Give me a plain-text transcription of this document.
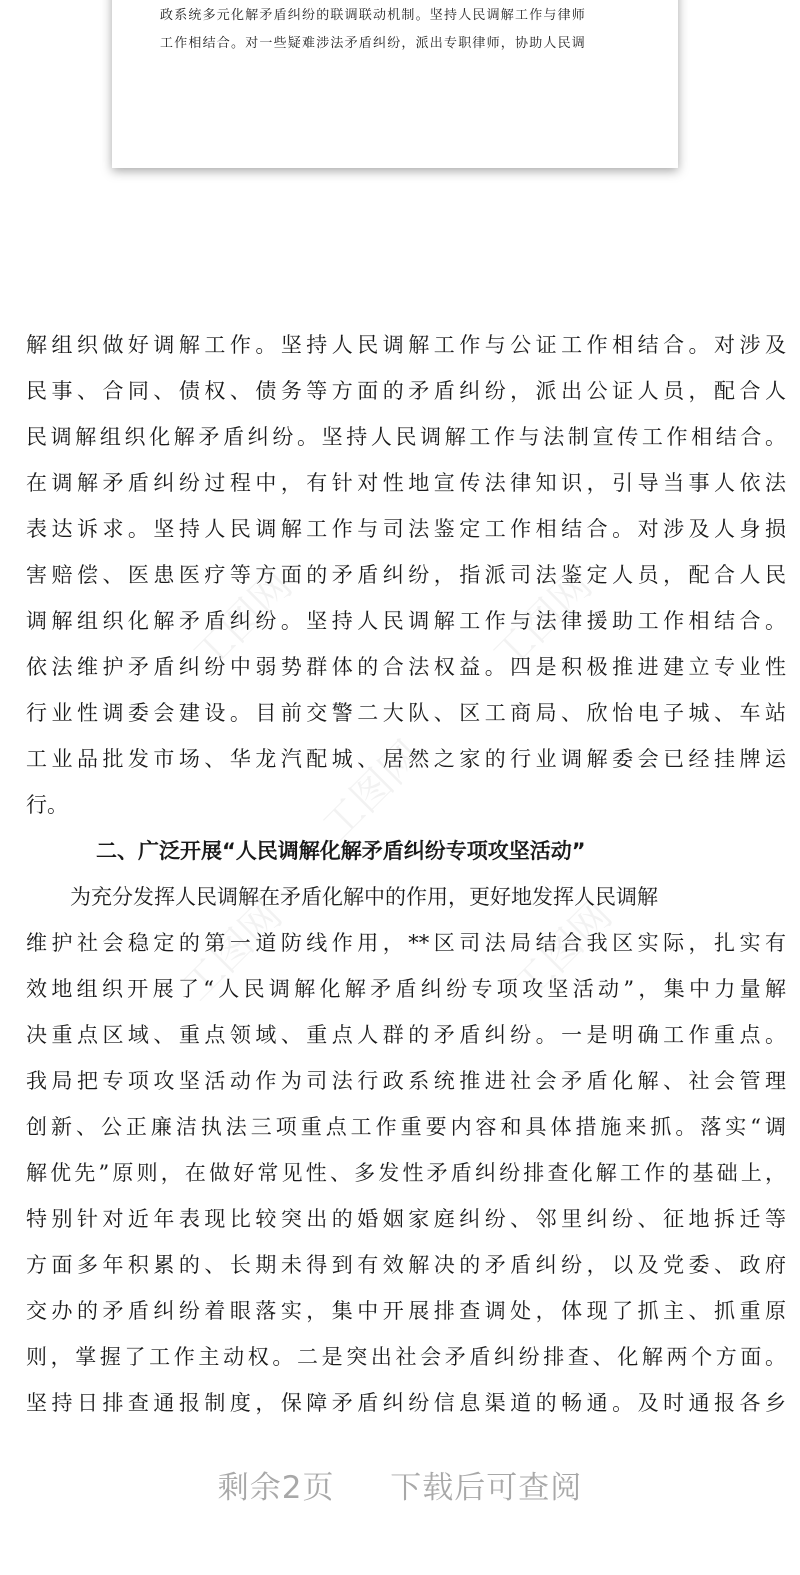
工图网	工图网
工图网
工图网	工图网
政系统多元化解矛盾纠纷的联调联动机制。坚持人民调解工作与律师
工作相结合。对一些疑难涉法矛盾纠纷，派出专职律师，协助人民调
解组织做好调解工作。坚持人民调解工作与公证工作相结合。对涉及
民事、合同、债权、债务等方面的矛盾纠纷，派出公证人员，配合人
民调解组织化解矛盾纠纷。坚持人民调解工作与法制宣传工作相结合。
在调解矛盾纠纷过程中，有针对性地宣传法律知识，引导当事人依法
表达诉求。坚持人民调解工作与司法鉴定工作相结合。对涉及人身损
害赔偿、医患医疗等方面的矛盾纠纷，指派司法鉴定人员，配合人民
调解组织化解矛盾纠纷。坚持人民调解工作与法律援助工作相结合。
依法维护矛盾纠纷中弱势群体的合法权益。四是积极推进建立专业性
行业性调委会建设。目前交警二大队、区工商局、欣怡电子城、车站
工业品批发市场、华龙汽配城、居然之家的行业调解委会已经挂牌运
行。
二、广泛开展“人民调解化解矛盾纠纷专项攻坚活动”
为充分发挥人民调解在矛盾化解中的作用，更好地发挥人民调解
维护社会稳定的第一道防线作用，**区司法局结合我区实际，扎实有
效地组织开展了“人民调解化解矛盾纠纷专项攻坚活动”，集中力量解
决重点区域、重点领域、重点人群的矛盾纠纷。一是明确工作重点。
我局把专项攻坚活动作为司法行政系统推进社会矛盾化解、社会管理
创新、公正廉洁执法三项重点工作重要内容和具体措施来抓。落实“调
解优先”原则，在做好常见性、多发性矛盾纠纷排查化解工作的基础上，
特别针对近年表现比较突出的婚姻家庭纠纷、邻里纠纷、征地拆迁等
方面多年积累的、长期未得到有效解决的矛盾纠纷，以及党委、政府
交办的矛盾纠纷着眼落实，集中开展排查调处，体现了抓主、抓重原
则，掌握了工作主动权。二是突出社会矛盾纠纷排查、化解两个方面。
坚持日排查通报制度，保障矛盾纠纷信息渠道的畅通。及时通报各乡
剩余2页 下载后可查阅
